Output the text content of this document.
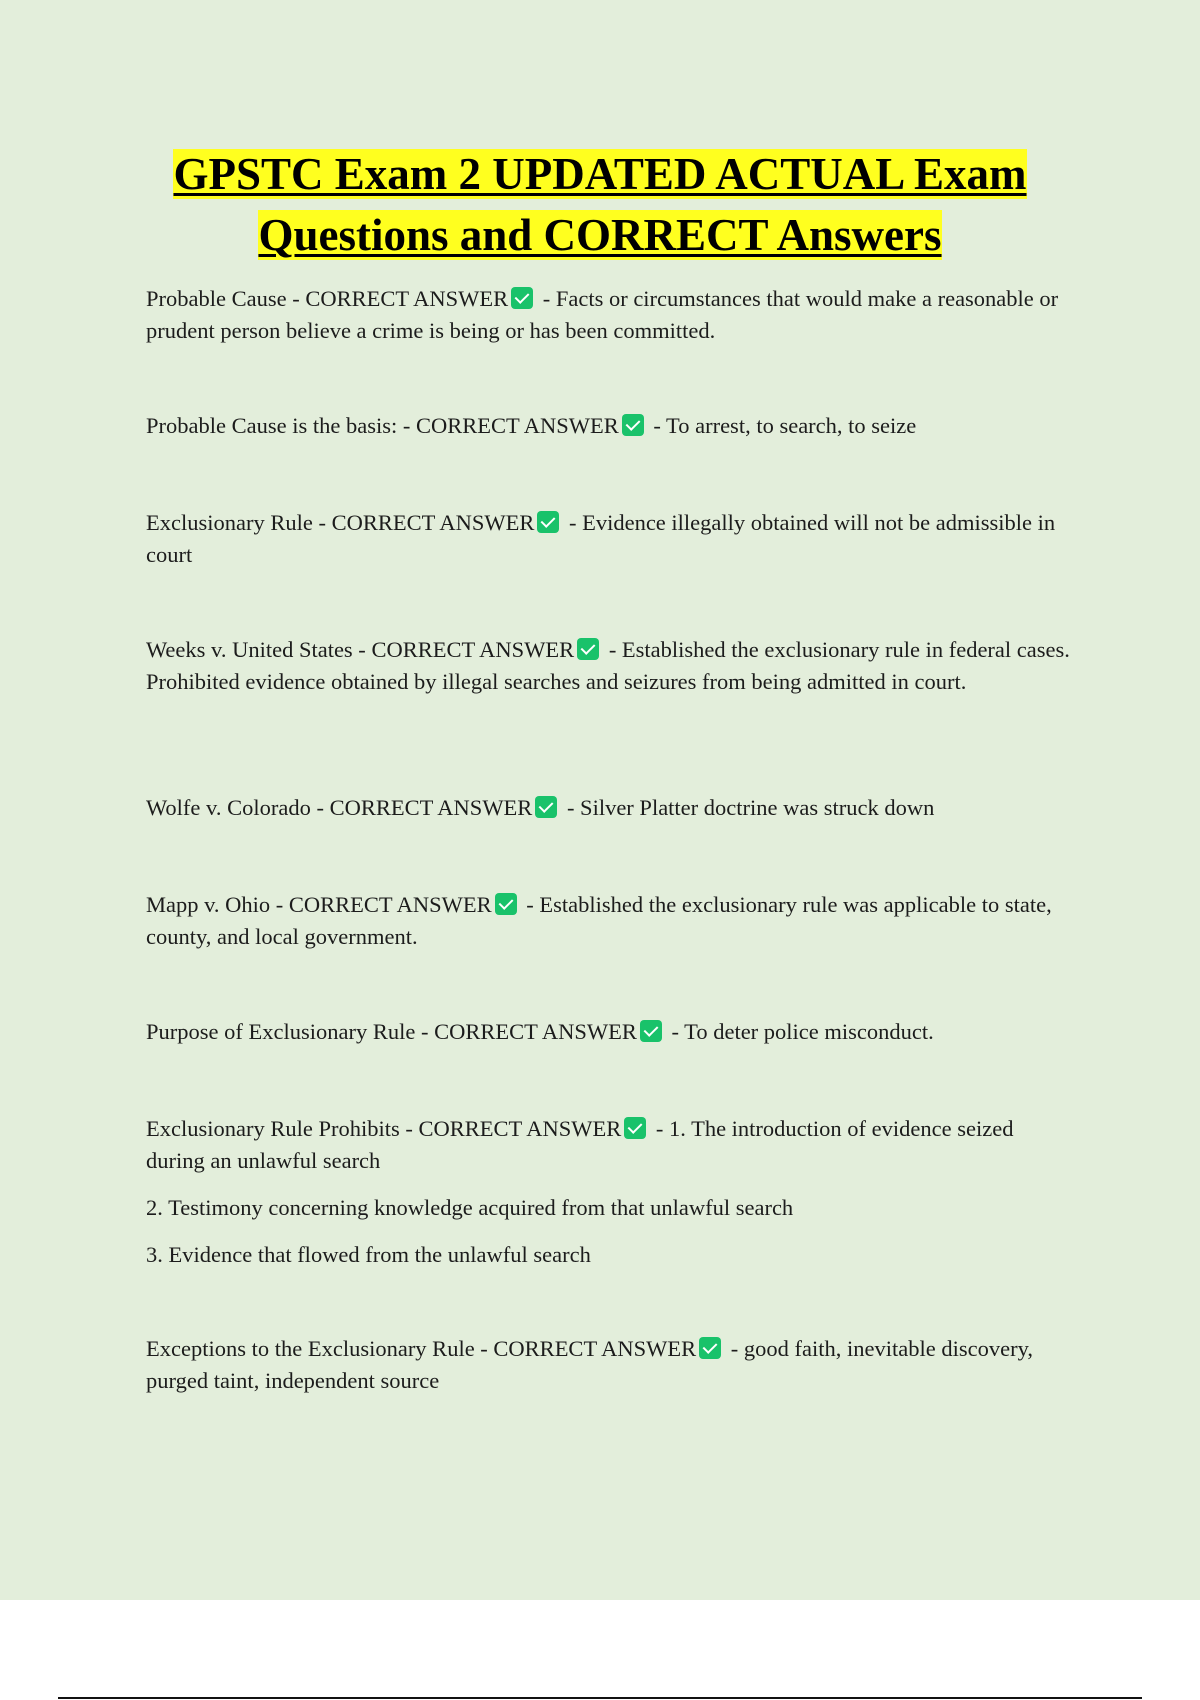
GPSTC Exam 2 UPDATED ACTUAL Exam
Questions and CORRECT Answers

Probable Cause - CORRECT ANSWER - Facts or circumstances that would make a reasonable or prudent person believe a crime is being or has been committed.

Probable Cause is the basis: - CORRECT ANSWER - To arrest, to search, to seize

Exclusionary Rule - CORRECT ANSWER - Evidence illegally obtained will not be admissible in court

Weeks v. United States - CORRECT ANSWER - Established the exclusionary rule in federal cases. Prohibited evidence obtained by illegal searches and seizures from being admitted in court.

Wolfe v. Colorado - CORRECT ANSWER - Silver Platter doctrine was struck down

Mapp v. Ohio - CORRECT ANSWER - Established the exclusionary rule was applicable to state, county, and local government.

Purpose of Exclusionary Rule - CORRECT ANSWER - To deter police misconduct.

Exclusionary Rule Prohibits - CORRECT ANSWER - 1. The introduction of evidence seized during an unlawful search

2. Testimony concerning knowledge acquired from that unlawful search

3. Evidence that flowed from the unlawful search

Exceptions to the Exclusionary Rule - CORRECT ANSWER - good faith, inevitable discovery, purged taint, independent source
